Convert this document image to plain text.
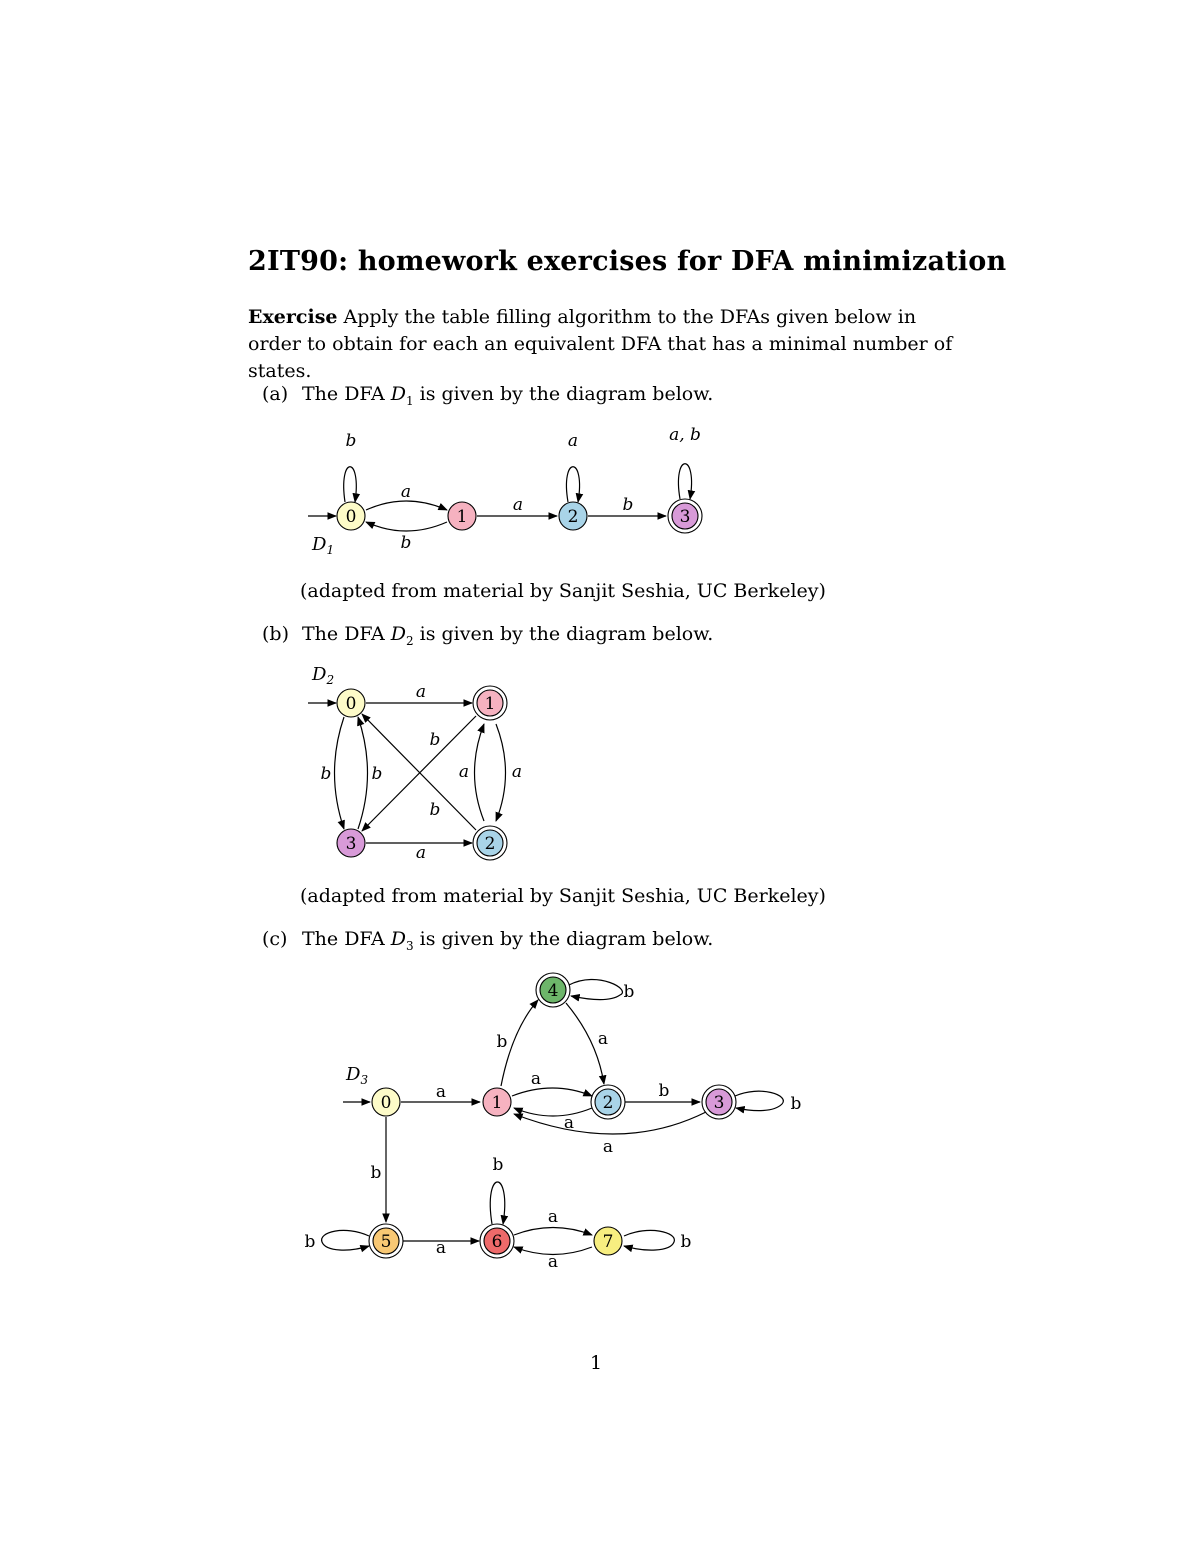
2IT90: homework exercises for DFA minimization
Exercise Apply the table filling algorithm to the DFAs given below in order to obtain for each an equivalent DFA that has a minimal number of states.
(a) The DFA $D_1$ is given by the diagram below.
b
a
b
a
a
b
a, b
0	1	2	3
$D_1$
(adapted from material by Sanjit Seshia, UC Berkeley)
(b) The DFA $D_2$ is given by the diagram below.
a
a
b b
b
b
a	a
0	1
2
3
$D_2$
(adapted from material by Sanjit Seshia, UC Berkeley)
(c) The DFA $D_3$ is given by the diagram below.
a
b
a
b
a
b
a
b
a
b
b	a
b
a
a
b
0	1	2	3
4
5	6	7
$D_3$
1
